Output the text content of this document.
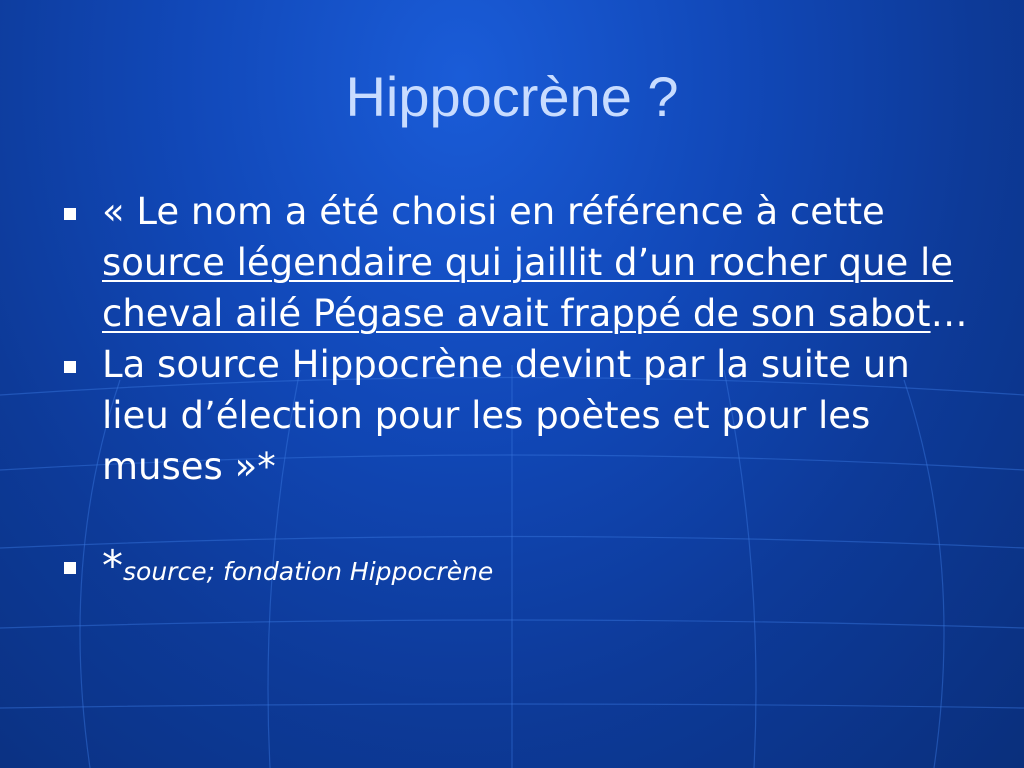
Hippocrène ?
« Le nom a été choisi en référence à cette source légendaire qui jaillit d’un rocher que le cheval ailé Pégase avait frappé de son sabot…
La source Hippocrène devint par la suite un lieu d’élection pour les poètes et pour les muses »*
*source; fondation Hippocrène
